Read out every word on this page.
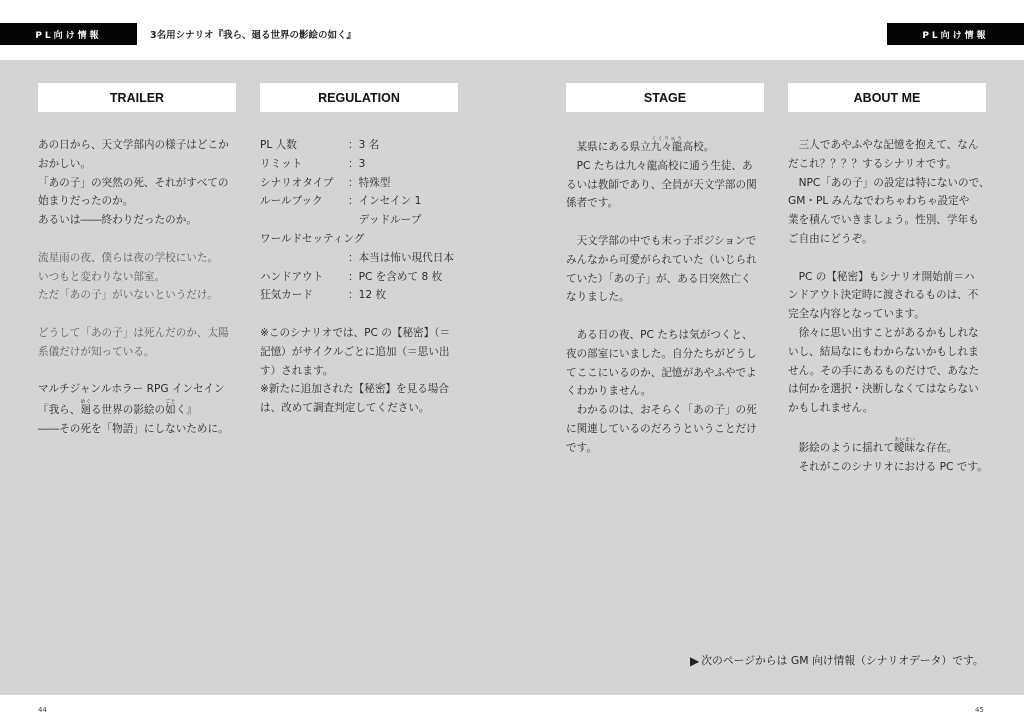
PL向け情報	3名用シナリオ『我ら、廻る世界の影絵の如く』	PL向け情報
TRAILER
あの日から、天文学部内の様子はどこか
おかしい。
「あの子」の突然の死、それがすべての
始まりだったのか。
あるいは――終わりだったのか。
流星雨の夜、僕らは夜の学校にいた。
いつもと変わりない部室。
ただ「あの子」がいないというだけ。
どうして「あの子」は死んだのか、太陽
系儀だけが知っている。
マルチジャンルホラー RPG インセイン
『我ら、廻めぐる世界の影絵の如ごとく』
――その死を「物語」にしないために。
REGULATION
PL 人数	：3 名
リミット	：3
シナリオタイプ	：特殊型
ルールブック	：インセイン 1
　デッドループ
ワールドセッティング
：本当は怖い現代日本
ハンドアウト	：PC を含めて 8 枚
狂気カード	：12 枚
※このシナリオでは、PC の【秘密】（＝
記憶）がサイクルごとに追加（＝思い出
す）されます。
※新たに追加された【秘密】を見る場合
は、改めて調査判定してください。
STAGE
　某県にある県立九々龍くくりゅう高校。
　PC たちは九々龍高校に通う生徒、あ
るいは教師であり、全員が天文学部の関
係者です。
　天文学部の中でも末っ子ポジションで
みんなから可愛がられていた（いじられ
ていた）「あの子」が、ある日突然亡く
なりました。
　ある日の夜、PC たちは気がつくと、
夜の部室にいました。自分たちがどうし
てここにいるのか、記憶があやふやでよ
くわかりません。
　わかるのは、おそらく「あの子」の死
に関連しているのだろうということだけ
です。
ABOUT ME
　三人であやふやな記憶を抱えて、なん
だこれ？？？？するシナリオです。
　NPC「あの子」の設定は特にないので、
GM・PL みんなでわちゃわちゃ設定や
業を積んでいきましょう。性別、学年も
ご自由にどうぞ。
　PC の【秘密】もシナリオ開始前＝ハ
ンドアウト決定時に渡されるものは、不
完全な内容となっています。
　徐々に思い出すことがあるかもしれな
いし、結局なにもわからないかもしれま
せん。その手にあるものだけで、あなた
は何かを選択・決断しなくてはならない
かもしれません。
　影絵のように揺れて曖昧あいまいな存在。
　それがこのシナリオにおける PC です。
▶ 次のページからは GM 向け情報（シナリオデータ）です。
44	45
